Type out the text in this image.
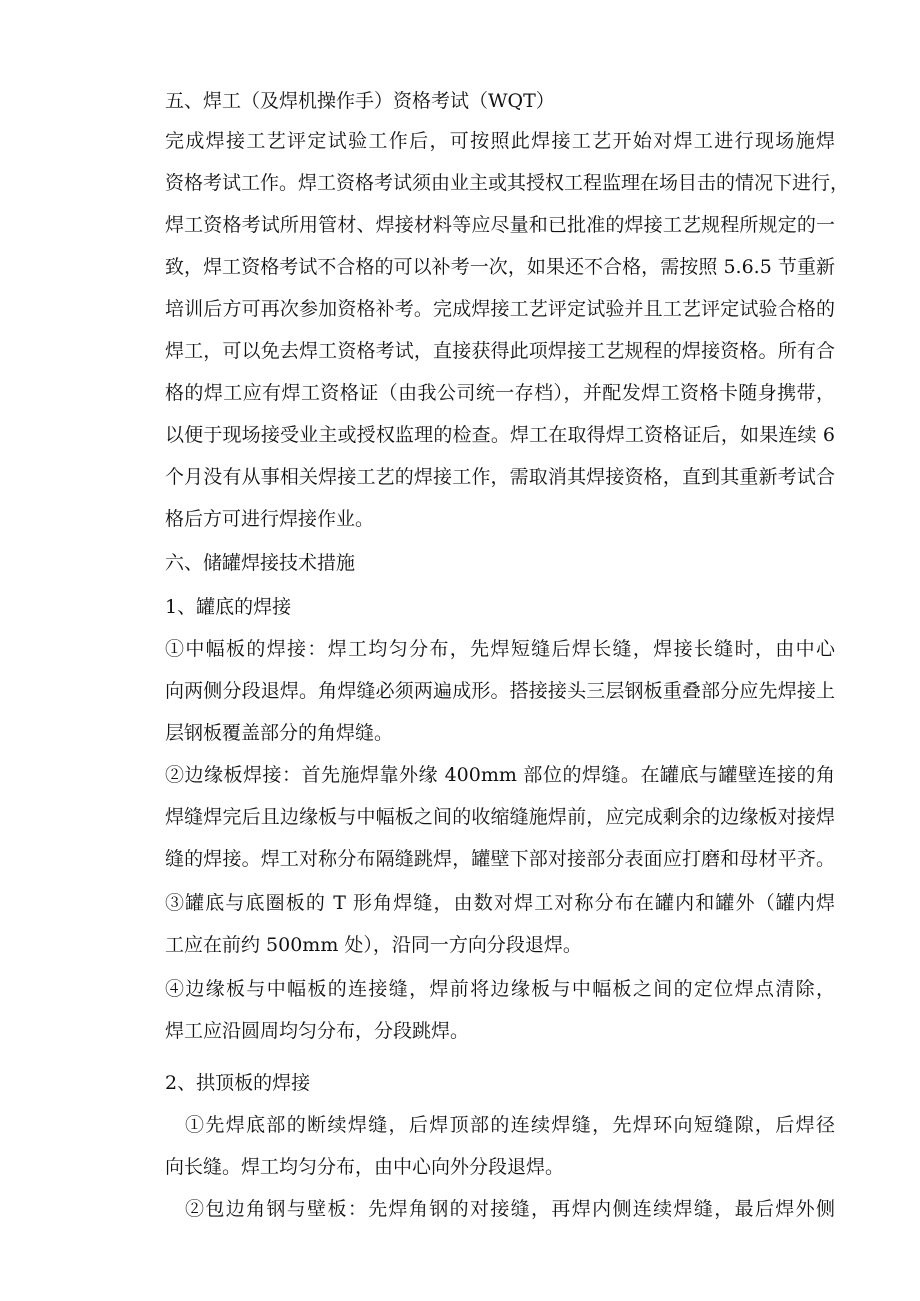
五、焊工（及焊机操作手）资格考试（WQT）
完成焊接工艺评定试验工作后，可按照此焊接工艺开始对焊工进行现场施焊
资格考试工作。焊工资格考试须由业主或其授权工程监理在场目击的情况下进行，
焊工资格考试所用管材、焊接材料等应尽量和已批准的焊接工艺规程所规定的一
致，焊工资格考试不合格的可以补考一次，如果还不合格，需按照 5.6.5 节重新
培训后方可再次参加资格补考。完成焊接工艺评定试验并且工艺评定试验合格的
焊工，可以免去焊工资格考试，直接获得此项焊接工艺规程的焊接资格。所有合
格的焊工应有焊工资格证（由我公司统一存档），并配发焊工资格卡随身携带，
以便于现场接受业主或授权监理的检查。焊工在取得焊工资格证后，如果连续 6
个月没有从事相关焊接工艺的焊接工作，需取消其焊接资格，直到其重新考试合
格后方可进行焊接作业。
六、储罐焊接技术措施
1、罐底的焊接
①中幅板的焊接：焊工均匀分布，先焊短缝后焊长缝，焊接长缝时，由中心
向两侧分段退焊。角焊缝必须两遍成形。搭接接头三层钢板重叠部分应先焊接上
层钢板覆盖部分的角焊缝。
②边缘板焊接：首先施焊靠外缘 400mm 部位的焊缝。在罐底与罐壁连接的角
焊缝焊完后且边缘板与中幅板之间的收缩缝施焊前，应完成剩余的边缘板对接焊
缝的焊接。焊工对称分布隔缝跳焊，罐壁下部对接部分表面应打磨和母材平齐。
③罐底与底圈板的 T 形角焊缝，由数对焊工对称分布在罐内和罐外（罐内焊
工应在前约 500mm 处），沿同一方向分段退焊。
④边缘板与中幅板的连接缝，焊前将边缘板与中幅板之间的定位焊点清除，
焊工应沿圆周均匀分布，分段跳焊。
2、拱顶板的焊接
①先焊底部的断续焊缝，后焊顶部的连续焊缝，先焊环向短缝隙，后焊径
向长缝。焊工均匀分布，由中心向外分段退焊。
②包边角钢与壁板：先焊角钢的对接缝，再焊内侧连续焊缝，最后焊外侧
